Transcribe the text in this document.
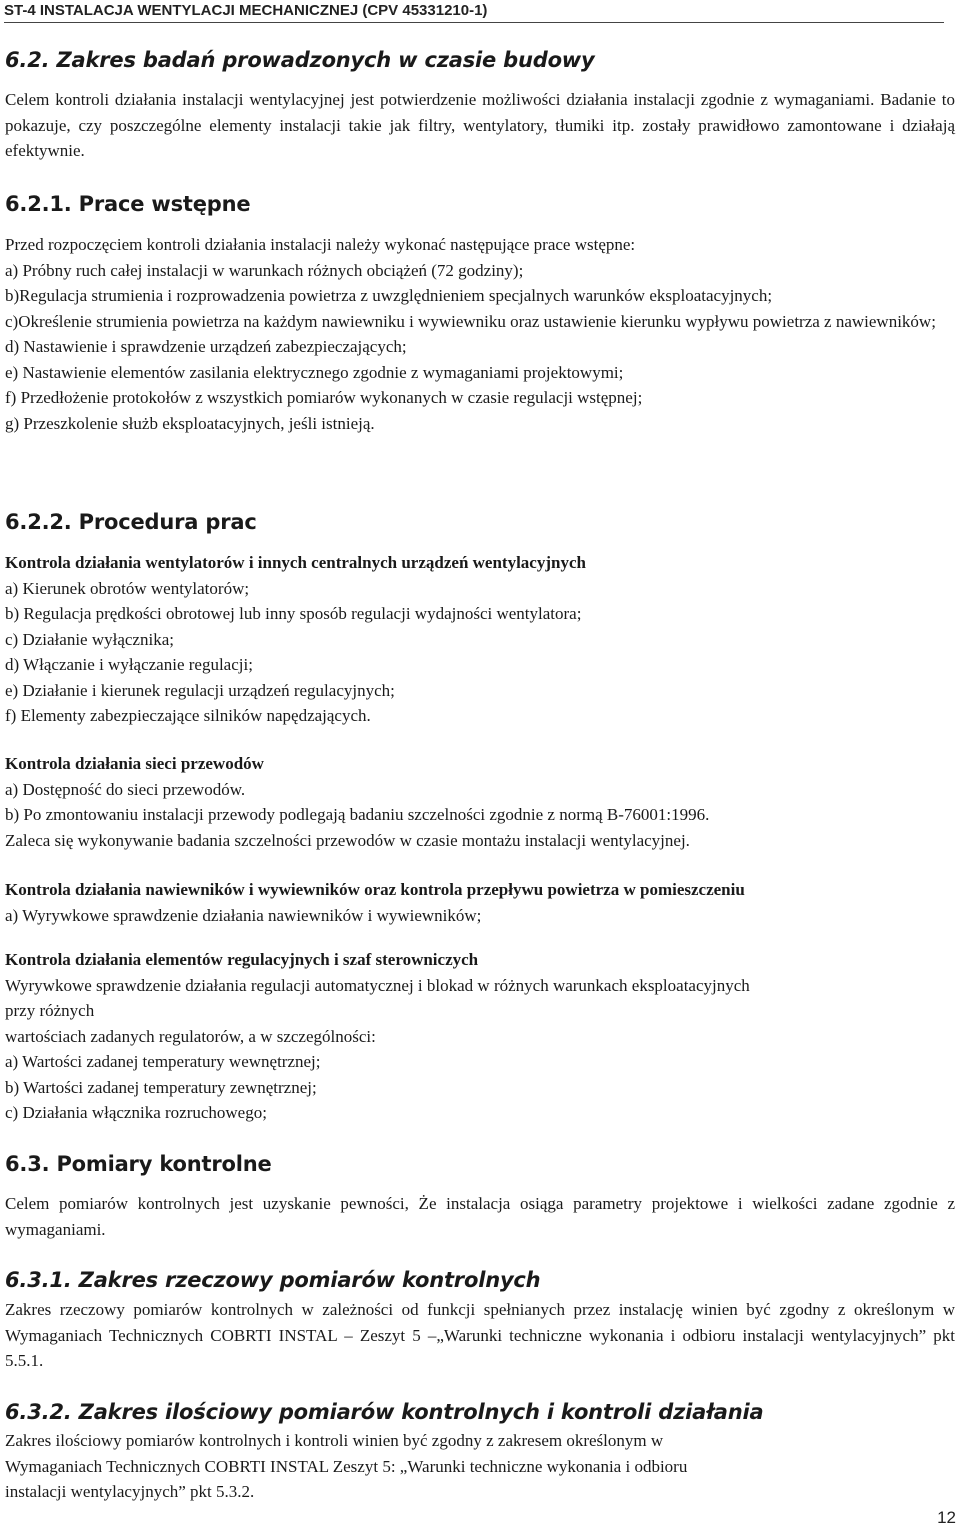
ST-4 INSTALACJA WENTYLACJI MECHANICZNEJ (CPV 45331210-1)
6.2. Zakres badań prowadzonych w czasie budowy
Celem kontroli działania instalacji wentylacyjnej jest potwierdzenie możliwości działania instalacji zgodnie z wymaganiami. Badanie to pokazuje, czy poszczególne elementy instalacji takie jak filtry, wentylatory, tłumiki itp. zostały prawidłowo zamontowane i działają efektywnie.
6.2.1. Prace wstępne
Przed rozpoczęciem kontroli działania instalacji należy wykonać następujące prace wstępne:
a) Próbny ruch całej instalacji w warunkach różnych obciążeń (72 godziny);
b)Regulacja strumienia i rozprowadzenia powietrza z uwzględnieniem specjalnych warunków eksploatacyjnych;
c)Określenie strumienia powietrza na każdym nawiewniku i wywiewniku oraz ustawienie kierunku wypływu powietrza z nawiewników;
d) Nastawienie i sprawdzenie urządzeń zabezpieczających;
e) Nastawienie elementów zasilania elektrycznego zgodnie z wymaganiami projektowymi;
f) Przedłożenie protokołów z wszystkich pomiarów wykonanych w czasie regulacji wstępnej;
g) Przeszkolenie służb eksploatacyjnych, jeśli istnieją.
6.2.2. Procedura prac
Kontrola działania wentylatorów i innych centralnych urządzeń wentylacyjnych
a) Kierunek obrotów wentylatorów;
b) Regulacja prędkości obrotowej lub inny sposób regulacji wydajności wentylatora;
c) Działanie wyłącznika;
d) Włączanie i wyłączanie regulacji;
e) Działanie i kierunek regulacji urządzeń regulacyjnych;
f) Elementy zabezpieczające silników napędzających.
Kontrola działania sieci przewodów
a) Dostępność do sieci przewodów.
b) Po zmontowaniu instalacji przewody podlegają badaniu szczelności zgodnie z normą B-76001:1996.
Zaleca się wykonywanie badania szczelności przewodów w czasie montażu instalacji wentylacyjnej.
Kontrola działania nawiewników i wywiewników oraz kontrola przepływu powietrza w pomieszczeniu
a) Wyrywkowe sprawdzenie działania nawiewników i wywiewników;
Kontrola działania elementów regulacyjnych i szaf sterowniczych
Wyrywkowe sprawdzenie działania regulacji automatycznej i blokad w różnych warunkach eksploatacyjnych
przy różnych
wartościach zadanych regulatorów, a w szczególności:
a) Wartości zadanej temperatury wewnętrznej;
b) Wartości zadanej temperatury zewnętrznej;
c) Działania włącznika rozruchowego;
6.3. Pomiary kontrolne
Celem pomiarów kontrolnych jest uzyskanie pewności, Że instalacja osiąga parametry projektowe i wielkości zadane zgodnie z wymaganiami.
6.3.1. Zakres rzeczowy pomiarów kontrolnych
Zakres rzeczowy pomiarów kontrolnych w zależności od funkcji spełnianych przez instalację winien być zgodny z określonym w Wymaganiach Technicznych COBRTI INSTAL – Zeszyt 5 –„Warunki techniczne wykonania i odbioru instalacji wentylacyjnych” pkt 5.5.1.
6.3.2. Zakres ilościowy pomiarów kontrolnych i kontroli działania
Zakres ilościowy pomiarów kontrolnych i kontroli winien być zgodny z zakresem określonym w
Wymaganiach Technicznych COBRTI INSTAL Zeszyt 5: „Warunki techniczne wykonania i odbioru
instalacji wentylacyjnych” pkt 5.3.2.
12
